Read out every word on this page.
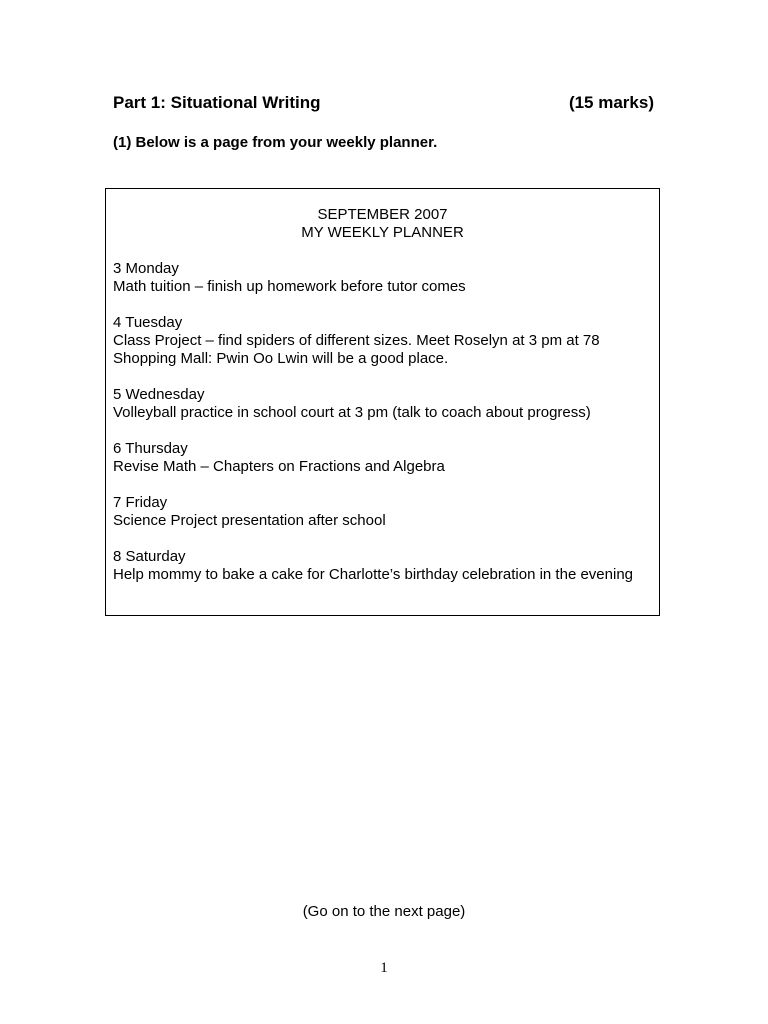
Part 1: Situational Writing	(15 marks)
(1) Below is a page from your weekly planner.
SEPTEMBER 2007
MY WEEKLY PLANNER
3 Monday
Math tuition – finish up homework before tutor comes
4 Tuesday
Class Project – find spiders of different sizes. Meet Roselyn at 3 pm at 78 Shopping Mall: Pwin Oo Lwin will be a good place.
5 Wednesday
Volleyball practice in school court at 3 pm (talk to coach about progress)
6 Thursday
Revise Math – Chapters on Fractions and Algebra
7 Friday
Science Project presentation after school
8 Saturday
Help mommy to bake a cake for Charlotte’s birthday celebration in the evening
(Go on to the next page)
1
